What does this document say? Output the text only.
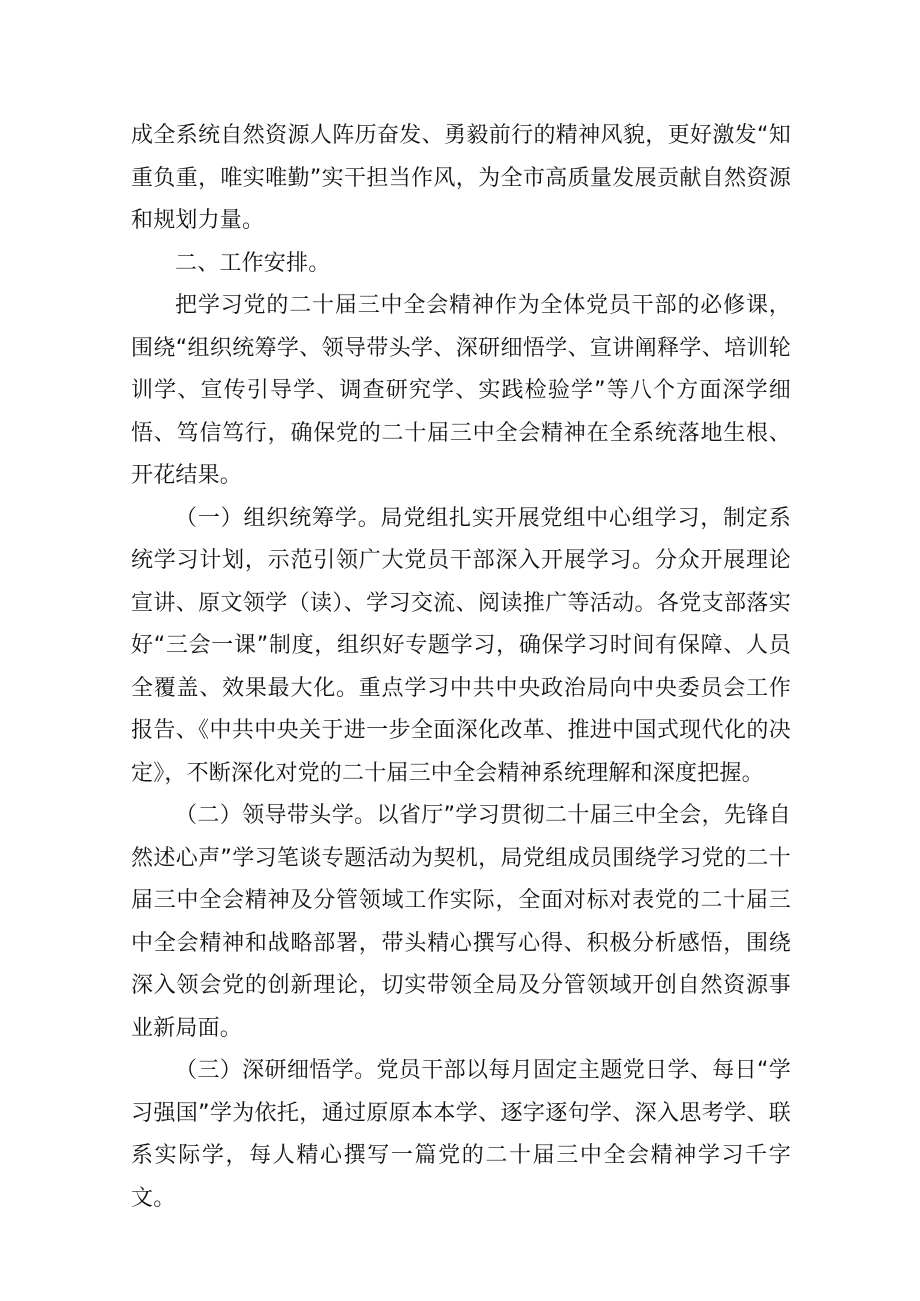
成全系统自然资源人阵历奋发、勇毅前行的精神风貌，更好激发“知重负重，唯实唯勤”实干担当作风，为全市高质量发展贡献自然资源和规划力量。

二、工作安排。

把学习党的二十届三中全会精神作为全体党员干部的必修课，围绕“组织统筹学、领导带头学、深研细悟学、宣讲阐释学、培训轮训学、宣传引导学、调查研究学、实践检验学”等八个方面深学细悟、笃信笃行，确保党的二十届三中全会精神在全系统落地生根、开花结果。

（一）组织统筹学。局党组扎实开展党组中心组学习，制定系统学习计划，示范引领广大党员干部深入开展学习。分众开展理论宣讲、原文领学（读）、学习交流、阅读推广等活动。各党支部落实好“三会一课”制度，组织好专题学习，确保学习时间有保障、人员全覆盖、效果最大化。重点学习中共中央政治局向中央委员会工作报告、《中共中央关于进一步全面深化改革、推进中国式现代化的决定》，不断深化对党的二十届三中全会精神系统理解和深度把握。

（二）领导带头学。以省厅”学习贯彻二十届三中全会，先锋自然述心声”学习笔谈专题活动为契机，局党组成员围绕学习党的二十届三中全会精神及分管领域工作实际，全面对标对表党的二十届三中全会精神和战略部署，带头精心撰写心得、积极分析感悟，围绕深入领会党的创新理论，切实带领全局及分管领域开创自然资源事业新局面。

（三）深研细悟学。党员干部以每月固定主题党日学、每日“学习强国”学为依托，通过原原本本学、逐字逐句学、深入思考学、联系实际学，每人精心撰写一篇党的二十届三中全会精神学习千字文。
